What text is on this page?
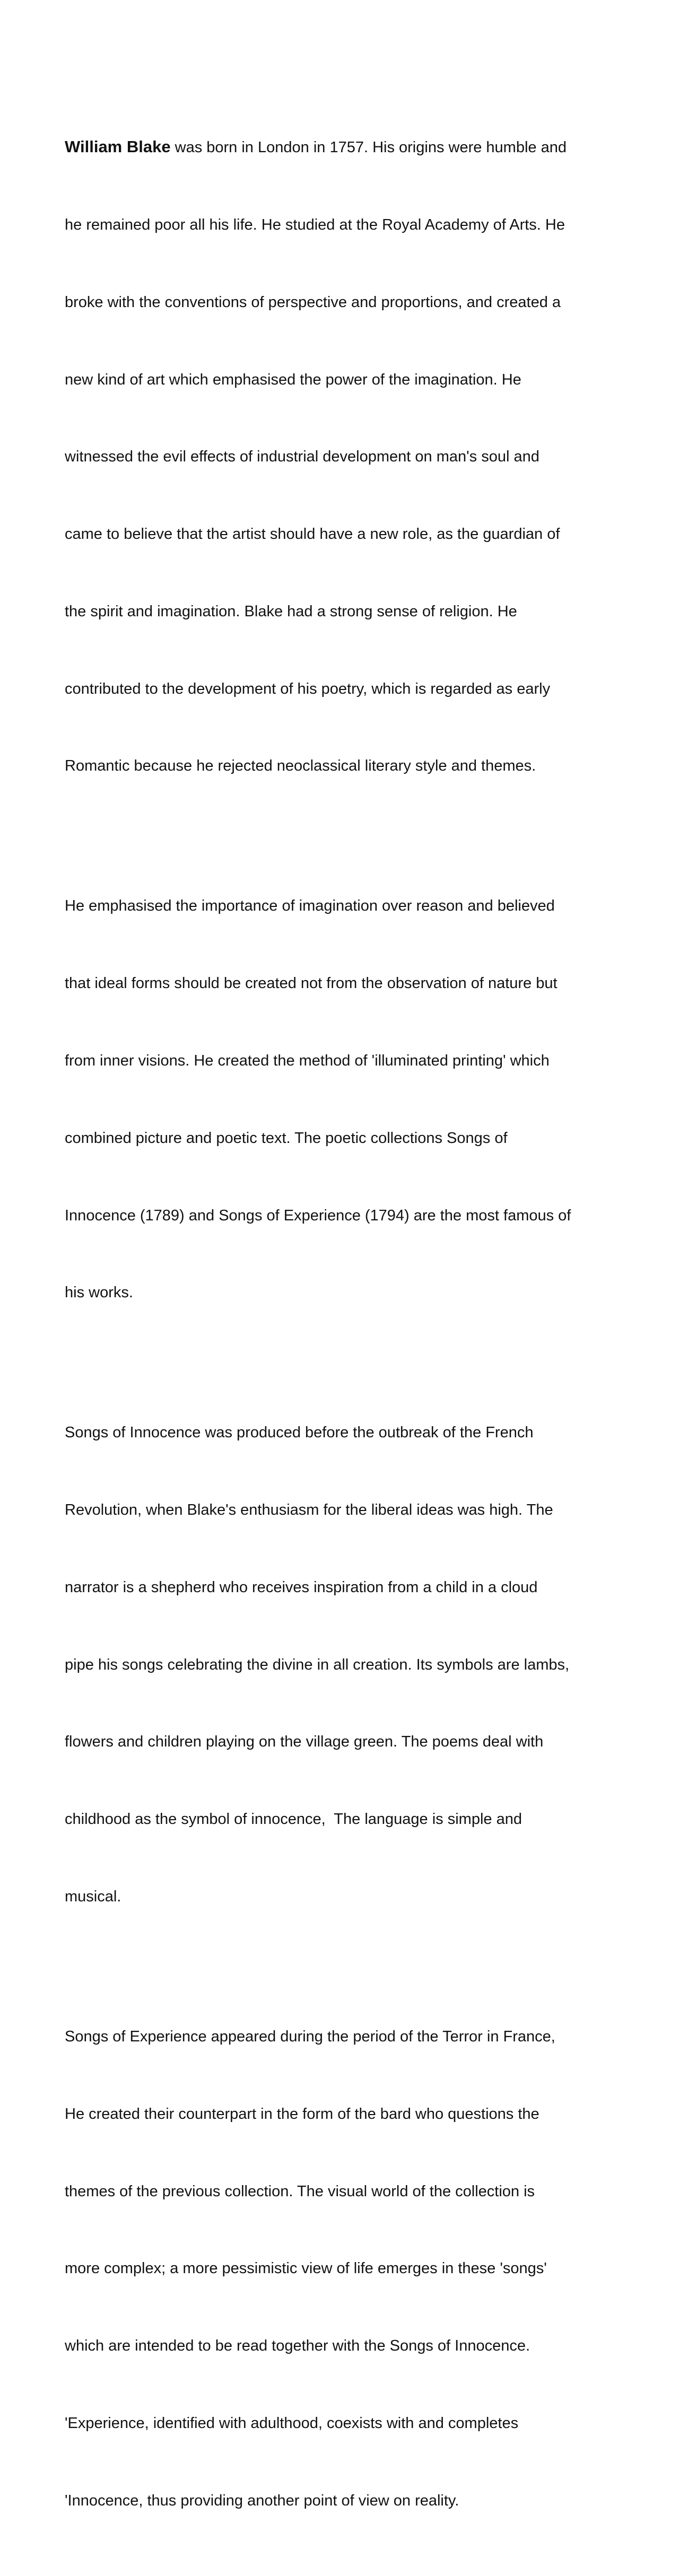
William Blake was born in London in 1757. His origins were humble and

he remained poor all his life. He studied at the Royal Academy of Arts. He

broke with the conventions of perspective and proportions, and created a

new kind of art which emphasised the power of the imagination. He

witnessed the evil effects of industrial development on man's soul and

came to believe that the artist should have a new role, as the guardian of

the spirit and imagination. Blake had a strong sense of religion. He

contributed to the development of his poetry, which is regarded as early

Romantic because he rejected neoclassical literary style and themes.

He emphasised the importance of imagination over reason and believed

that ideal forms should be created not from the observation of nature but

from inner visions. He created the method of 'illuminated printing' which

combined picture and poetic text. The poetic collections Songs of

Innocence (1789) and Songs of Experience (1794) are the most famous of

his works.

Songs of Innocence was produced before the outbreak of the French

Revolution, when Blake's enthusiasm for the liberal ideas was high. The

narrator is a shepherd who receives inspiration from a child in a cloud

pipe his songs celebrating the divine in all creation. Its symbols are lambs,

flowers and children playing on the village green. The poems deal with

childhood as the symbol of innocence,  The language is simple and

musical.

Songs of Experience appeared during the period of the Terror in France,

He created their counterpart in the form of the bard who questions the

themes of the previous collection. The visual world of the collection is

more complex; a more pessimistic view of life emerges in these 'songs'

which are intended to be read together with the Songs of Innocence.

'Experience, identified with adulthood, coexists with and completes

'Innocence, thus providing another point of view on reality.
